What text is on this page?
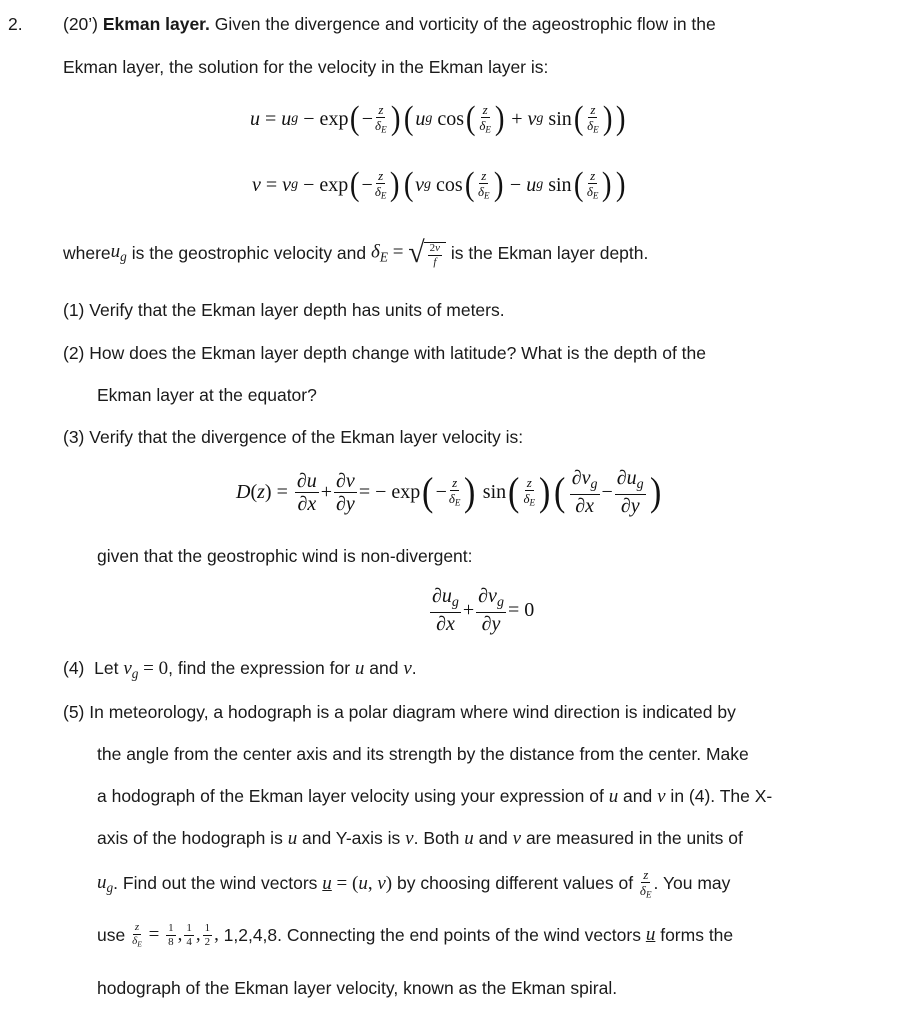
2. (20’) Ekman layer. Given the divergence and vorticity of the ageostrophic flow in the
Ekman layer, the solution for the velocity in the Ekman layer is:
u = u g − exp ( − $\frac{z}{\delta_E}$ ) ( u g cos ( $\frac{z}{\delta_E}$ ) + v g sin ( $\frac{z}{\delta_E}$ ) )
v = v g − exp ( − $\frac{z}{\delta_E}$ ) ( v g cos ( $\frac{z}{\delta_E}$ ) − u g sin ( $\frac{z}{\delta_E}$ ) )
where $u_g$ is the geostrophic velocity and $\delta_E$ = √ $\frac{2\nu}{f}$ is the Ekman layer depth.
(1) Verify that the Ekman layer depth has units of meters.
(2) How does the Ekman layer depth change with latitude? What is the depth of the
Ekman layer at the equator?
(3) Verify that the divergence of the Ekman layer velocity is:
D ( z ) = $\frac{\partial u}{\partial x} + \frac{\partial v}{\partial y}$ = − exp ( − $\frac{z}{\delta_E}$ ) sin ( $\frac{z}{\delta_E}$ ) ( $\frac{\partial v_g}{\partial x} - \frac{\partial u_g}{\partial y}$ )
given that the geostrophic wind is non-divergent:
$\frac{\partial u_g}{\partial x} + \frac{\partial v_g}{\partial y} = 0$
(4)  Let $v_g = 0$ , find the expression for u and v .
(5) In meteorology, a hodograph is a polar diagram where wind direction is indicated by
the angle from the center axis and its strength by the distance from the center. Make
a hodograph of the Ekman layer velocity using your expression of u and v in (4). The X-
axis of the hodograph is u and Y-axis is v . Both u and v are measured in the units of
$u_g$ . Find out the wind vectors u = (u, v) by choosing different values of $\frac{z}{\delta_E}$ . You may
use $\frac{z}{\delta_E} = \frac{1}{8}$ , $\frac{1}{4}$ , $\frac{1}{2}$ , 1,2,4,8. Connecting the end points of the wind vectors u forms the
hodograph of the Ekman layer velocity, known as the Ekman spiral.
